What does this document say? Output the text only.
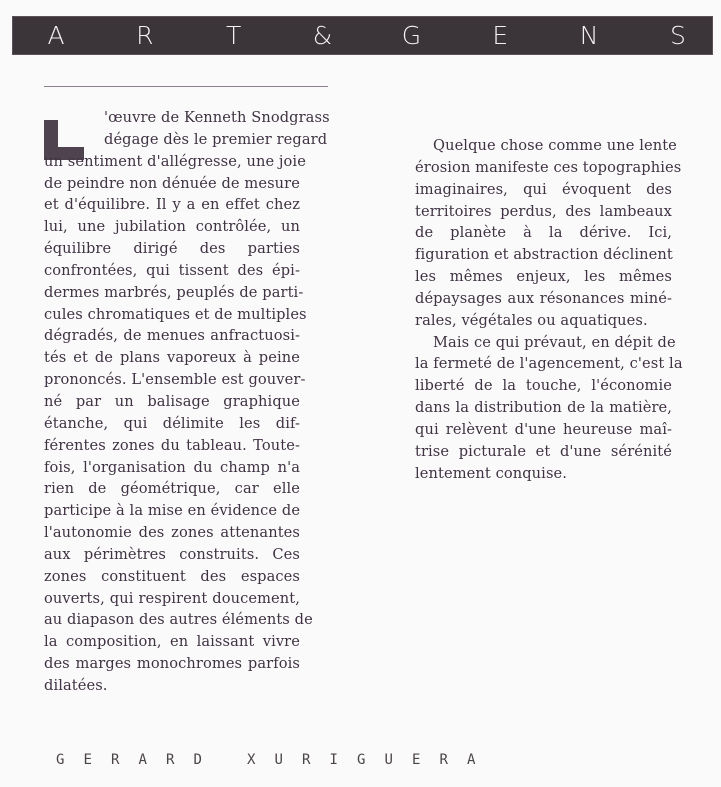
A	R	T	&	G	E	N	S
'œuvre de Kenneth Snodgrass
dégage dès le premier regard
un sentiment d'allégresse, une joie
de peindre non dénuée de mesure
et d'équilibre. Il y a en effet chez
lui, une jubilation contrôlée, un
équilibre dirigé des parties
confrontées, qui tissent des épi-
dermes marbrés, peuplés de parti-
cules chromatiques et de multiples
dégradés, de menues anfractuosi-
tés et de plans vaporeux à peine
prononcés. L'ensemble est gouver-
né par un balisage graphique
étanche, qui délimite les dif-
férentes zones du tableau. Toute-
fois, l'organisation du champ n'a
rien de géométrique, car elle
participe à la mise en évidence de
l'autonomie des zones attenantes
aux périmètres construits. Ces
zones constituent des espaces
ouverts, qui respirent doucement,
au diapason des autres éléments de
la composition, en laissant vivre
des marges monochromes parfois
dilatées.
Quelque chose comme une lente
érosion manifeste ces topographies
imaginaires, qui évoquent des
territoires perdus, des lambeaux
de planète à la dérive. Ici,
figuration et abstraction déclinent
les mêmes enjeux, les mêmes
dépaysages aux résonances miné-
rales, végétales ou aquatiques.
Mais ce qui prévaut, en dépit de
la fermeté de l'agencement, c'est la
liberté de la touche, l'économie
dans la distribution de la matière,
qui relèvent d'une heureuse maî-
trise picturale et d'une sérénité
lentement conquise.
G	E	R	A	R	D	X	U	R	I	G	U	E	R	A
